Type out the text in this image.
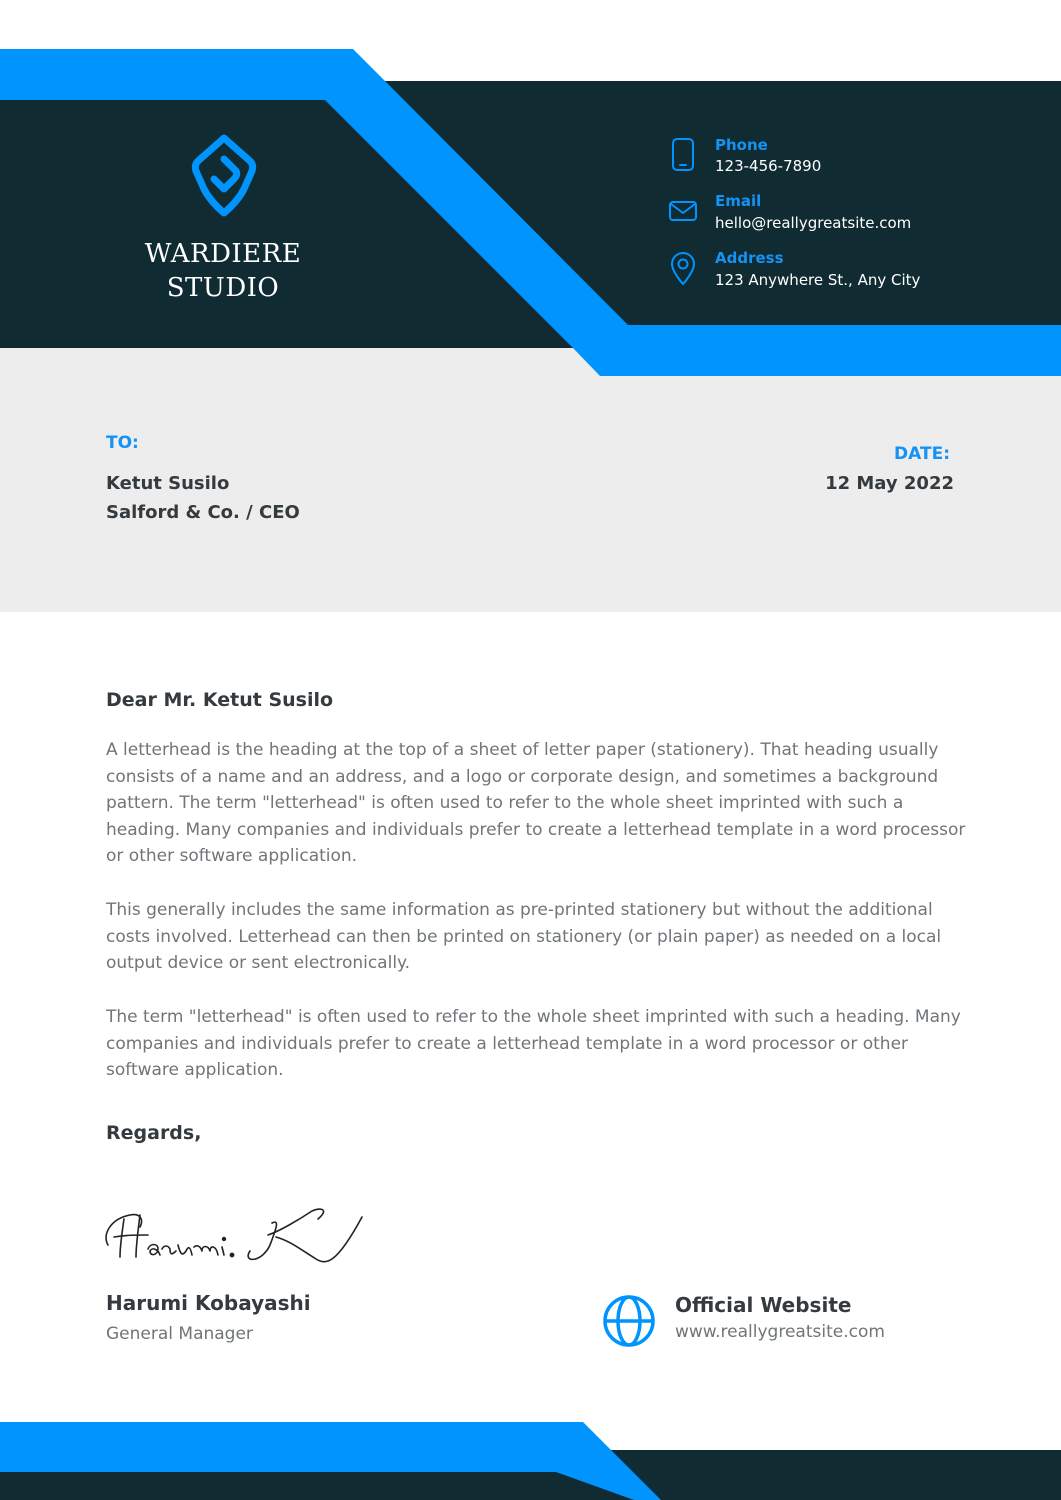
WARDIERE
STUDIO
Phone
123-456-7890
Email
hello@reallygreatsite.com
Address
123 Anywhere St., Any City
TO:
Ketut Susilo
Salford & Co. / CEO
DATE:
12 May 2022
Dear Mr. Ketut Susilo
A letterhead is the heading at the top of a sheet of letter paper (stationery). That heading usually consists of a name and an address, and a logo or corporate design, and sometimes a background pattern. The term "letterhead" is often used to refer to the whole sheet imprinted with such a heading. Many companies and individuals prefer to create a letterhead template in a word processor or other software application.
This generally includes the same information as pre-printed stationery but without the additional costs involved. Letterhead can then be printed on stationery (or plain paper) as needed on a local output device or sent electronically.
The term "letterhead" is often used to refer to the whole sheet imprinted with such a heading. Many companies and individuals prefer to create a letterhead template in a word processor or other software application.
Regards,
Harumi Kobayashi
General Manager
Official Website
www.reallygreatsite.com
